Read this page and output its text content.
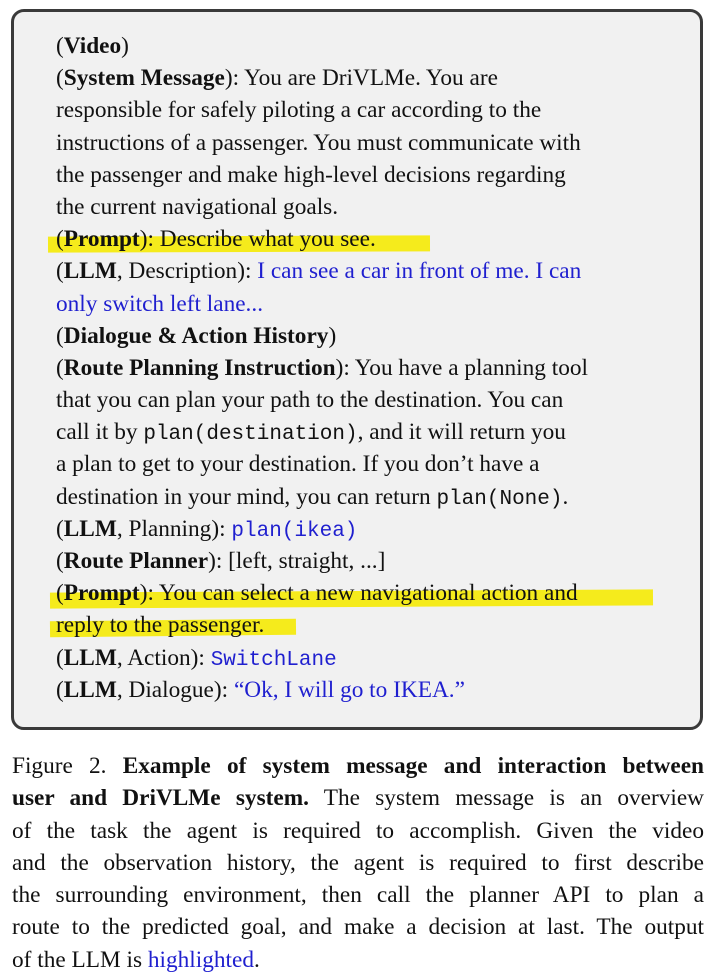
(Video)
(System Message): You are DriVLMe. You are
responsible for safely piloting a car according to the
instructions of a passenger. You must communicate with
the passenger and make high-level decisions regarding
the current navigational goals.
(Prompt): Describe what you see.
(LLM, Description): I can see a car in front of me. I can
only switch left lane...
(Dialogue & Action History)
(Route Planning Instruction): You have a planning tool
that you can plan your path to the destination. You can
call it by plan(destination), and it will return you
a plan to get to your destination. If you don’t have a
destination in your mind, you can return plan(None).
(LLM, Planning): plan(ikea)
(Route Planner): [left, straight, ...]
(Prompt): You can select a new navigational action and
reply to the passenger.
(LLM, Action): SwitchLane
(LLM, Dialogue): “Ok, I will go to IKEA.”
Figure 2. Example of system message and interaction between
user and DriVLMe system. The system message is an overview
of the task the agent is required to accomplish. Given the video
and the observation history, the agent is required to first describe
the surrounding environment, then call the planner API to plan a
route to the predicted goal, and make a decision at last. The output
of the LLM is highlighted.
